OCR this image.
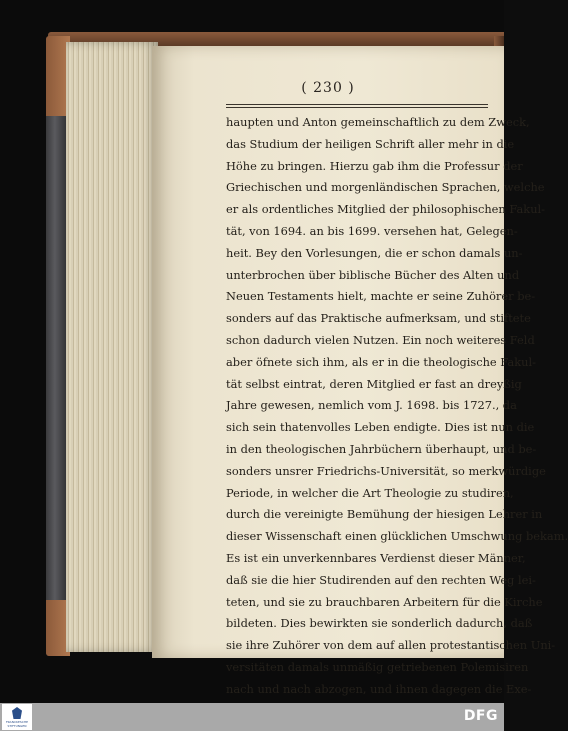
( 230 )
haupten und Anton gemeinschaftlich zu dem Zweck,
das Studium der heiligen Schrift aller mehr in die
Höhe zu bringen. Hierzu gab ihm die Professur der
Griechischen und morgenländischen Sprachen, welche
er als ordentliches Mitglied der philosophischen Fakul-
tät, von 1694. an bis 1699. versehen hat, Gelegen-
heit. Bey den Vorlesungen, die er schon damals un-
unterbrochen über biblische Bücher des Alten und
Neuen Testaments hielt, machte er seine Zuhörer be-
sonders auf das Praktische aufmerksam, und stiftete
schon dadurch vielen Nutzen. Ein noch weiteres Feld
aber öfnete sich ihm, als er in die theologische Fakul-
tät selbst eintrat, deren Mitglied er fast an dreyßig
Jahre gewesen, nemlich vom J. 1698. bis 1727., da
sich sein thatenvolles Leben endigte. Dies ist nun die
in den theologischen Jahrbüchern überhaupt, und be-
sonders unsrer Friedrichs-Universität, so merkwürdige
Periode, in welcher die Art Theologie zu studiren,
durch die vereinigte Bemühung der hiesigen Lehrer in
dieser Wissenschaft einen glücklichen Umschwung bekam.
Es ist ein unverkennbares Verdienst dieser Männer,
daß sie die hier Studirenden auf den rechten Weg lei-
teten, und sie zu brauchbaren Arbeitern für die Kirche
bildeten. Dies bewirkten sie sonderlich dadurch, daß
sie ihre Zuhörer von dem auf allen protestantischen Uni-
versitäten damals unmäßig getriebenen Polemisiren
nach und nach abzogen, und ihnen dagegen die Exe-
FRANCKESCHE STIFTUNGEN
DFG
